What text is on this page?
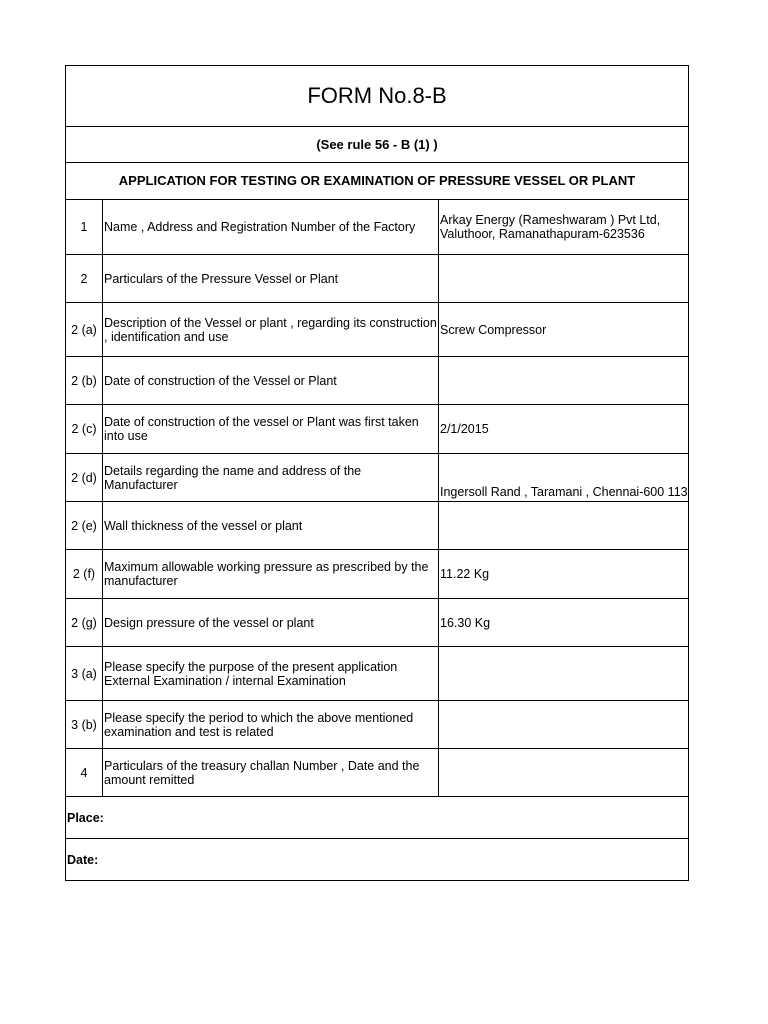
FORM No.8-B		
(See rule 56 - B (1) )		
APPLICATION FOR TESTING OR EXAMINATION OF PRESSURE VESSEL OR PLANT		
1	Name , Address and Registration Number of the Factory	Arkay Energy (Rameshwaram ) Pvt Ltd, Valuthoor, Ramanathapuram-623536
2	Particulars of the Pressure Vessel or Plant	
2 (a)	Description of the Vessel or plant , regarding its construction , identification and use	Screw Compressor
2 (b)	Date of construction of the Vessel or Plant	
2 (c)	Date of construction of the vessel or Plant was first taken into use	2/1/2015
2 (d)	Details regarding the name and address of the Manufacturer	Ingersoll Rand , Taramani , Chennai-600 113
2 (e)	Wall thickness of the vessel or plant	
2 (f)	Maximum allowable working pressure as prescribed by the manufacturer	11.22 Kg
2 (g)	Design pressure of the vessel or plant	16.30 Kg
3 (a)	Please specify the purpose of the present application External Examination / internal Examination	
3 (b)	Please specify the period to which the above mentioned examination and test is related	
4	Particulars of the treasury challan Number , Date and the amount remitted	
Place:		
Date:		
